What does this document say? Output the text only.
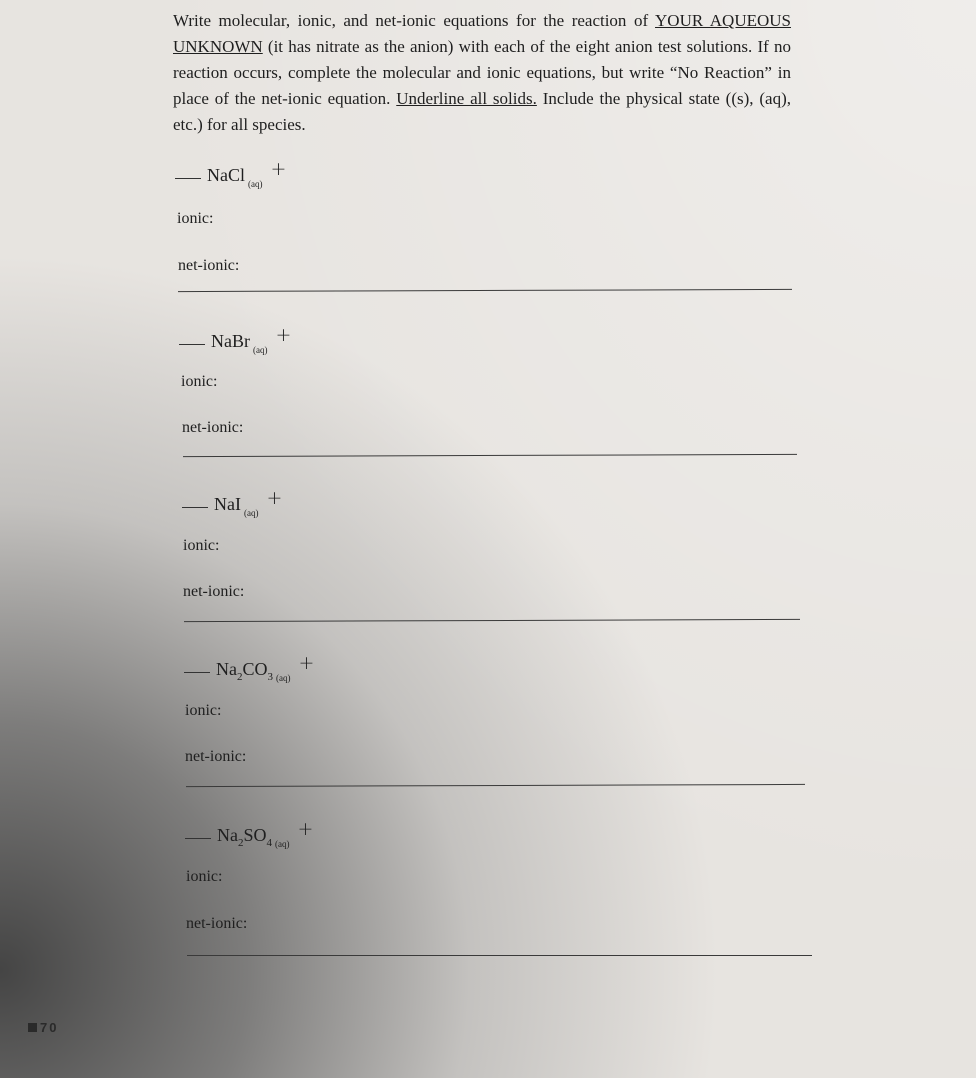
Write molecular, ionic, and net-ionic equations for the reaction of YOUR AQUEOUS UNKNOWN (it has nitrate as the anion) with each of the eight anion test solutions. If no reaction occurs, complete the molecular and ionic equations, but write “No Reaction” in place of the net-ionic equation. Underline all solids. Include the physical state ((s), (aq), etc.) for all species.
NaCl $_{(aq)}$+
ionic:
net-ionic:
NaBr $_{(aq)}$+
ionic:
net-ionic:
NaI $_{(aq)}$+
ionic:
net-ionic:
$Na_2CO_3$ $_{(aq)}$+
ionic:
net-ionic:
$Na_2SO_4$ $_{(aq)}$+
ionic:
net-ionic:
70
